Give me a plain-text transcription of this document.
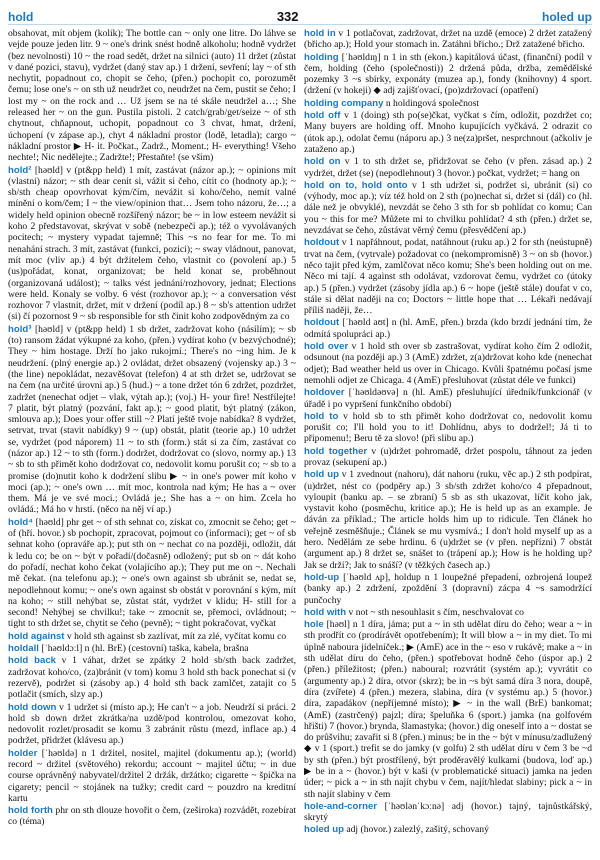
hold	332	holed up

obsahovat, mít objem (kolík); The bottle can ~ only one litre. Do láhve se vejde pouze jeden litr. 9 ~ one's drink snést hodně alkoholu; hodně vydržet (bez nevolnosti) 10 ~ the road sedět, držet na silnici (auto) 11 držet (zůstat v dané pozici, stavu), vydržet (daný stav ap.) 1 držení, sevření; lay ~ of sth nechytit, popadnout co, chopit se čeho, (přen.) pochopit co, porozumět čemu; lose one's ~ on sth už neudržet co, neudržet na čem, pustit se čeho; I lost my ~ on the rock and … Už jsem se na té skále neudržel a…; She released her ~ on the gun. Pustila pistoli. 2 catch/grab/get/seize ~ of sth chytnout, chňapnout, uchopit, popadnout co 3 chvat, hmat, držení, úchopení (v zápase ap.), chyt 4 nákladní prostor (lodě, letadla); cargo ~ nákladní prostor ▶ H- it. Počkat., Zadrž., Moment.; H- everything! Všeho nechte!; Nic nedělejte.; Zadržte!; Přestaňte! (se vším)

hold² [həʊld] v (pt&pp held) 1 mít, zastávat (názor ap.); ~ opinions mít (vlastní) názor; ~ sth dear cenit si, vážit si čeho, cítit co (hodnoty ap.); ~ sb/sth cheap opovrhovat kým/čím, nevážit si koho/čeho, nemít valné mínění o kom/čem; I ~ the view/opinion that… Jsem toho názoru, že…; a widely held opinion obecně rozšířený názor; be ~ in low esteem nevážit si koho 2 představovat, skrývat v sobě (nebezpečí ap.); též o vyvolávaných pocitech; ~ mystery vypadat tajemně; This ~s no fear for me. To mi nenahání strach. 3 mít, zastávat (funkci, pozici); ~ sway vládnout, panovat, mít moc (vliv ap.) 4 být držitelem čeho, vlastnit co (povolení ap.) 5 (us)pořádat, konat, organizovat; be held konat se, proběhnout (organizovaná událost); ~ talks vést jednání/rozhovory, jednat; Elections were held. Konaly se volby. 6 vést (rozhovor ap.); ~ a conversation vést rozhovor 7 vlastnit, držet, mít v držení (podíl ap.) 8 ~ sb's attention udržet (si) čí pozornost 9 ~ sb responsible for sth činit koho zodpovědným za co

hold³ [həʊld] v (pt&pp held) 1 sb držet, zadržovat koho (násilím); ~ sb (to) ransom žádat výkupné za koho, (přen.) vydírat koho (v bezvýchodné); They ~ him hostage. Drží ho jako rukojmí.; There's no ~ing him. Je k neudržení. (plný energie ap.) 2 ovládat, držet obsazený (vojensky ap.) 3 ~ (the line) nepokládat, nezavěšovat (telefon) 4 at sth držet se, udržovat se na čem (na určité úrovni ap.) 5 (hud.) ~ a tone držet tón 6 zdržet, pozdržet, zadržet (nenechat odjet – vlak, výtah ap.); (voj.) H- your fire! Nestřílejte! 7 platit, být platný (pozvání, fakt ap.); ~ good platit, být platný (zákon, smlouva ap.); Does your offer still ~? Platí ještě tvoje nabídka? 8 vydržet, setrvat, trvat (stavit nabídky) 9 ~ (up) obstát, platit (teorie ap.) 10 udržet se, vydržet (pod náporem) 11 ~ to sth (form.) stát si za čím, zastávat co (názor ap.) 12 ~ to sth (form.) dodržet, dodržovat co (slovo, normy ap.) 13 ~ sb to sth přimět koho dodržovat co, nedovolit komu porušit co; ~ sb to a promise (do)nutit koho k dodržení slibu ▶ ~ in one's power mít koho v moci (ap.); ~ one's own … mít moc, kontrola nad kým; He has a ~ over them. Má je ve své moci.; Ovládá je.; She has a ~ on him. Zcela ho ovládá.; Má ho v hrsti. (něco na něj ví ap.)

hold⁴ [həʊld] phr get ~ of sth sehnat co, získat co, zmocnit se čeho; get ~ of (hří. hovor.) sb pochopit, zpracovat, pojmout co (informaci); get ~ of sb sehnat koho (opraváře ap.); put sth on ~ nechat co na později, odložit, dát k ledu co; be on ~ být v pořadí/(dočasně) odložený; put sb on ~ dát koho do pořadí, nechat koho čekat (volajícího ap.); They put me on ~. Nechali mě čekat. (na telefonu ap.); ~ one's own against sb ubránit se, nedat se, nepodlehnout komu; ~ one's own against sb obstát v porovnání s kým, mít na koho; ~ still nehýbat se, zůstat stát, vydržet v klidu; H- still for a second! Nehýbej se chvilku!; take ~ zmocnit se, přemoci, ovládnout; ~ tight to sth držet se, chytit se čeho (pevně); ~ tight pokračovat, vyčkat

hold against v hold sth against sb zazlívat, mít za zlé, vyčítat komu co

holdall [ˈhəʊldɔːl] n (hl. BrE) (cestovní) taška, kabela, brašna

hold back v 1 váhat, držet se zpátky 2 hold sb/sth back zadržet, zadržovat koho/co, (za)bránit (v tom) komu 3 hold sth back ponechat si (v rezervě), podržet si (zásoby ap.) 4 hold sth back zamlčet, zatajit co 5 potlačit (smích, slzy ap.)

hold down v 1 udržet si (místo ap.); He can't ~ a job. Neudrží si práci. 2 hold sb down držet zkrátka/na uzdě/pod kontrolou, omezovat koho, nedovolit rozlet/prosadit se komu 3 zabránit růstu (mezd, inflace ap.) 4 podržet, přidržet (klávesu ap.)

holder [ˈhəʊldə] n 1 držitel, nositel, majitel (dokumentu ap.); (world) record ~ držitel (světového) rekordu; account ~ majitel účtu; ~ in due course oprávněný nabyvatel/držitel 2 držák, držátko; cigarette ~ špička na cigarety; pencil ~ stojánek na tužky; credit card ~ pouzdro na kreditní kartu

hold forth phr on sth dlouze hovořit o čem, (zeširoka) rozvádět, rozebírat co (téma)

hold in v 1 potlačovat, zadržovat, držet na uzdě (emoce) 2 držet zatažený (břicho ap.); Hold your stomach in. Zatáhni břicho.; Drž zatažené břicho.

holding [ˈhəʊldɪŋ] n 1 in sth (ekon.) kapitálová účast, (finanční) podíl v čem, holding (čeho (společnosti)) 2 držená půda, držba, zemědělské pozemky 3 ~s sbírky, exponáty (muzea ap.), fondy (knihovny) 4 sport. (držení (v hokeji) ◆ adj zajišťovací, (po)zdržovací (opatření)

holding company n holdingová společnost

hold off v 1 (doing) sth po(se)čkat, vyčkat s čím, odložit, pozdržet co; Many buyers are holding off. Mnoho kupujících vyčkává. 2 odrazit co (útok ap.), odolat čemu (náporu ap.) 3 ne(za)pršet, nesprchnout (ačkoliv je zataženo ap.)

hold on v 1 to sth držet se, přidržovat se čeho (v přen. zásad ap.) 2 vydržet, držet (se) (nepodlehnout) 3 (hovor.) počkat, vydržet; = hang on

hold on to, hold onto v 1 sth udržet si, podržet si, ubránit (si) co (výhody, moc ap.); víz též hold on 2 sth (po)nechat si, držet si (dál) co (hl. dále než je obvyklé), nevzdát se čeho 3 sth for sb pohlídat co komu; Can you ~ this for me? Můžete mi to chvilku pohlídat? 4 sth (přen.) držet se, nevzdávat se čeho, zůstávat věrný čemu (přesvědčení ap.)

holdout v 1 napřáhnout, podat, natáhnout (ruku ap.) 2 for sth (neústupně) trvat na čem, (vytrvale) požadovat co (nekompromisně) 3 ~ on sb (hovor.) něco tajit před kým, zamlčovat něco komu; She's been holding out on me. Něco mi tají. 4 against sth odolávat, vzdorovat čemu, vydržet co (útoky ap.) 5 (přen.) vydržet (zásoby jídla ap.) 6 ~ hope (ještě stále) doufat v co, stále si dělat naději na co; Doctors ~ little hope that … Lékaři nedávají příliš naději, že…

holdout [ˈhəʊld aʊt] n (hl. AmE, přen.) brzda (kdo brzdí jednání tím, že odmítá spolupráci ap.)

hold over v 1 hold sth over sb zastrašovat, vydírat koho čím 2 odložit, odsunout (na později ap.) 3 (AmE) zdržet, z(a)držovat koho kde (nenechat odjet); Bad weather held us over in Chicago. Kvůli špatnému počasí jsme nemohli odjet ze Chicaga. 4 (AmE) přesluhovat (zůstat déle ve funkci)

holdover [ˈhəʊldəʊvə] n (hl. AmE) přesluhující úředník/funkcionář (v úřadě i po vypršení funkčního období)

hold to v hold sb to sth přimět koho dodržovat co, nedovolit komu porušit co; I'll hold you to it! Dohlídnu, abys to dodržel!; Já ti to připomenu!; Beru tě za slovo! (při slibu ap.)

hold together v (u)držet pohromadě, držet pospolu, táhnout za jeden provaz (sekupení ap.)

hold up v 1 zvednout (nahoru), dát nahoru (ruku, věc ap.) 2 sth podpírat, (u)držet, nést co (podpěry ap.) 3 sb/sth zdržet koho/co 4 přepadnout, vyloupit (banku ap. – se zbraní) 5 sb as sth ukazovat, líčit koho jak, vystavit koho (posměchu, kritice ap.); He is held up as an example. Je dáván za příklad.; The article holds him up to ridicule. Ten článek ho veřejně zesměšňuje.; Článek se mu vysmívá.; I don't hold myself up as a hero. Nedělám ze sebe hrdinu. 6 (u)držet se (v přen. nepřízni) 7 obstát (argument ap.) 8 držet se, snášet to (trápení ap.); How is he holding up? Jak se drží?; Jak to snáší? (v těžkých časech ap.)

hold-up [ˈhəʊld ʌp], holdup n 1 loupežné přepadení, ozbrojená loupež (banky ap.) 2 zdržení, zpoždění 3 (dopravní) zácpa 4 ~s samodržící punčochy

hold with v not ~ sth nesouhlasit s čím, neschvalovat co

hole [həʊl] n 1 díra, jáma; put a ~ in sth udělat díru do čeho; wear a ~ in sth prodřít co (prodírávět opotřebením); It will blow a ~ in my diet. To mi úplně naboura jídelníček.; ▶ (AmE) ace in the ~ eso v rukávě; make a ~ in sth udělat díru do čeho, (přen.) spotřebovat hodně čeho (úspor ap.) 2 (přen.) příležitost; (přen.) naboural; rozvrátit (systém ap.); vyvrátit co (argumenty ap.) 2 díra, otvor (skrz); be in ~s být samá díra 3 nora, doupě, díra (zvířete) 4 (přen.) mezera, slabina, díra (v systému ap.) 5 (hovor.) díra, zapadákov (nepříjemné místo); ▶ ~ in the wall (BrE) bankomat; (AmE) (zastrčený) pajzl; díra; špeluňka 6 (sport.) jamka (na golfovém hřišti) 7 (hovor.) brynda, šlamastyka; (hovor.) dig oneself into a ~ dostat se do průšvihu; zavařit si 8 (přen.) minus; be in the ~ být v mínusu/zadlužený ◆ v 1 (sport.) trefit se do jamky (v golfu) 2 sth udělat díru v čem 3 be ~d by sth (přen.) být prostřílený, být proděravělý kulkami (budova, loď ap.) ▶ be in a ~ (hovor.) být v kaši (v problematické situaci) jamka na jeden úder; ~ pick a ~ in sth najít chybu v čem, najít/hledat slabiny; pick a ~ in sth najít slabiny v čem

hole-and-corner [ˈhəʊlənˈkɔːnə] adj (hovor.) tajný, tajnůstkářský, skrytý

holed up adj (hovor.) zalezlý, zašitý, schovaný
